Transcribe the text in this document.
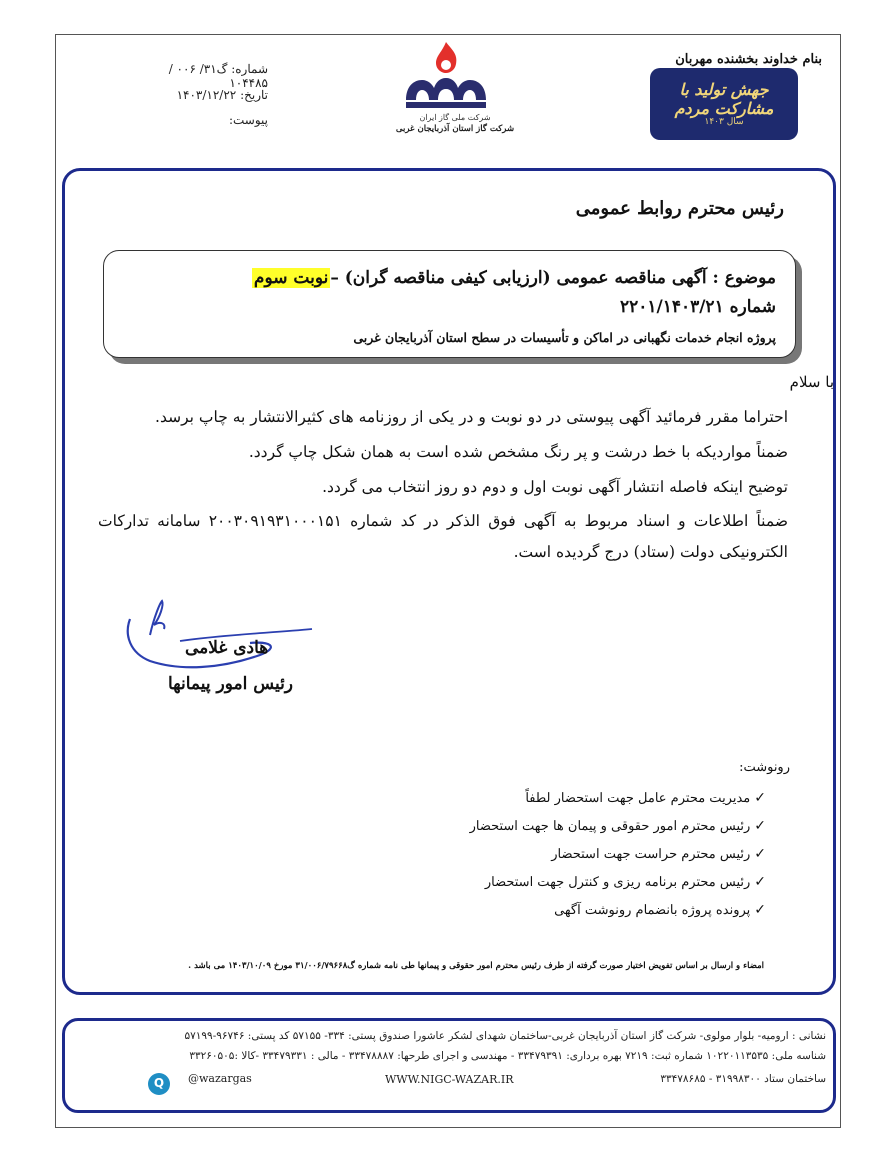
بنام خداوند بخشنده مهربان
جهش تولید با مشارکت مردم
سال ۱۴۰۳
شرکت ملی گاز ایران
شرکت گاز استان آذربایجان غربی
شماره: گ۳۱/ ۰۰۶ / ۱۰۴۴۸۵
تاریخ: ۱۴۰۳/۱۲/۲۲
پیوست:
رئیس محترم روابط عمومی
موضوع : آگهی مناقصه عمومی (ارزیابی کیفی مناقصه گران) –نوبت سوم
شماره ۲۲۰۱/۱۴۰۳/۲۱
پروژه انجام خدمات نگهبانی در اماکن و تأسیسات در سطح استان آذربایجان غربی
با سلام
احتراما مقرر فرمائید آگهی پیوستی در دو نوبت و در یکی از روزنامه های کثیرالانتشار به چاپ برسد.
ضمناً مواردیکه با خط درشت و پر رنگ مشخص شده است به همان شکل چاپ گردد.
توضیح اینکه فاصله انتشار آگهی نوبت اول و دوم دو روز انتخاب می گردد.
ضمناً اطلاعات و اسناد مربوط به آگهی فوق الذکر در کد شماره ۲۰۰۳۰۹۱۹۳۱۰۰۰۱۵۱ سامانه تدارکات الکترونیکی دولت (ستاد) درج گردیده است.
هادی غلامی
رئیس امور پیمانها
رونوشت:
✓مدیریت محترم عامل جهت استحضار لطفاً
✓رئیس محترم امور حقوقی و پیمان ها جهت استحضار
✓رئیس محترم حراست جهت استحضار
✓رئیس محترم برنامه ریزی و کنترل جهت استحضار
✓پرونده پروژه بانضمام رونوشت آگهی
امضاء و ارسال بر اساس تفویض اختیار صورت گرفته از طرف رئیس محترم امور حقوقی و پیمانها طی نامه شماره گ۳۱/۰۰۶/۷۹۶۶۸ مورخ ۱۴۰۳/۱۰/۰۹ می باشد .
نشانی : ارومیه- بلوار مولوی- شرکت گاز استان آذربایجان غربی-ساختمان شهدای لشکر عاشورا صندوق پستی: ۳۳۴- ۵۷۱۵۵ کد پستی: ۹۶۷۴۶-۵۷۱۹۹
شناسه ملی: ۱۰۲۲۰۱۱۳۵۳۵ شماره ثبت: ۷۲۱۹ بهره برداری: ۳۳۴۷۹۳۹۱ - مهندسی و اجرای طرحها: ۳۳۴۷۸۸۸۷ - مالی : ۳۳۴۷۹۳۳۱ -کالا :۳۳۲۶۰۵۰۵
ساختمان ستاد ۳۱۹۹۸۳۰۰ - ۳۳۴۷۸۶۸۵
WWW.NIGC-WAZAR.IR
Q	@wazargas
